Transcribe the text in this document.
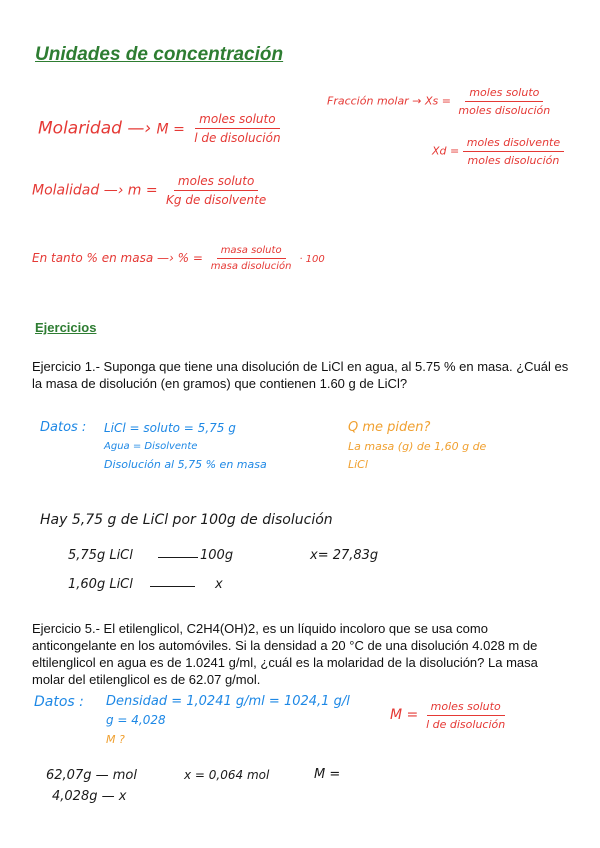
Unidades de concentración
Molaridad —› $M = \frac{\text{moles soluto}}{\text{l de disolución}}$
Fracción molar → $Xs = \frac{\text{moles soluto}}{\text{moles disolución}}$
$Xd = \frac{\text{moles disolvente}}{\text{moles disolución}}$
Molalidad —› $m = \frac{\text{moles soluto}}{\text{Kg de disolvente}}$
En tanto % en masa —› % = $\frac{\text{masa soluto}}{\text{masa disolución}} \cdot 100$
Ejercicios
Ejercicio 1.- Suponga que tiene una disolución de LiCl en agua, al 5.75 % en masa. ¿Cuál es la masa de disolución (en gramos) que contienen 1.60 g de LiCl?
Datos : LiCl = soluto = 5,75 g
Agua = Disolvente
Disolución al 5,75 % en masa
Q me piden?
La masa (g) de 1,60 g de
LiCl
Hay 5,75 g de LiCl por 100g de disolución
5,75g LiCl	100g	x= 27,83g
1,60g LiCl	x
Ejercicio 5.- El etilenglicol, C2H4(OH)2, es un líquido incoloro que se usa como anticongelante en los automóviles. Si la densidad a 20 °C de una disolución 4.028 m de eltilenglicol en agua es de 1.0241 g/ml, ¿cuál es la molaridad de la disolución? La masa molar del etilenglicol es de 62.07 g/mol.
Datos : Densidad = 1,0241 g/ml = 1024,1 g/l
g = 4,028
M ?
$M = \frac{\text{moles soluto}}{\text{l de disolución}}$
62,07g — mol
4,028g — x
x = 0,064 mol	M =
